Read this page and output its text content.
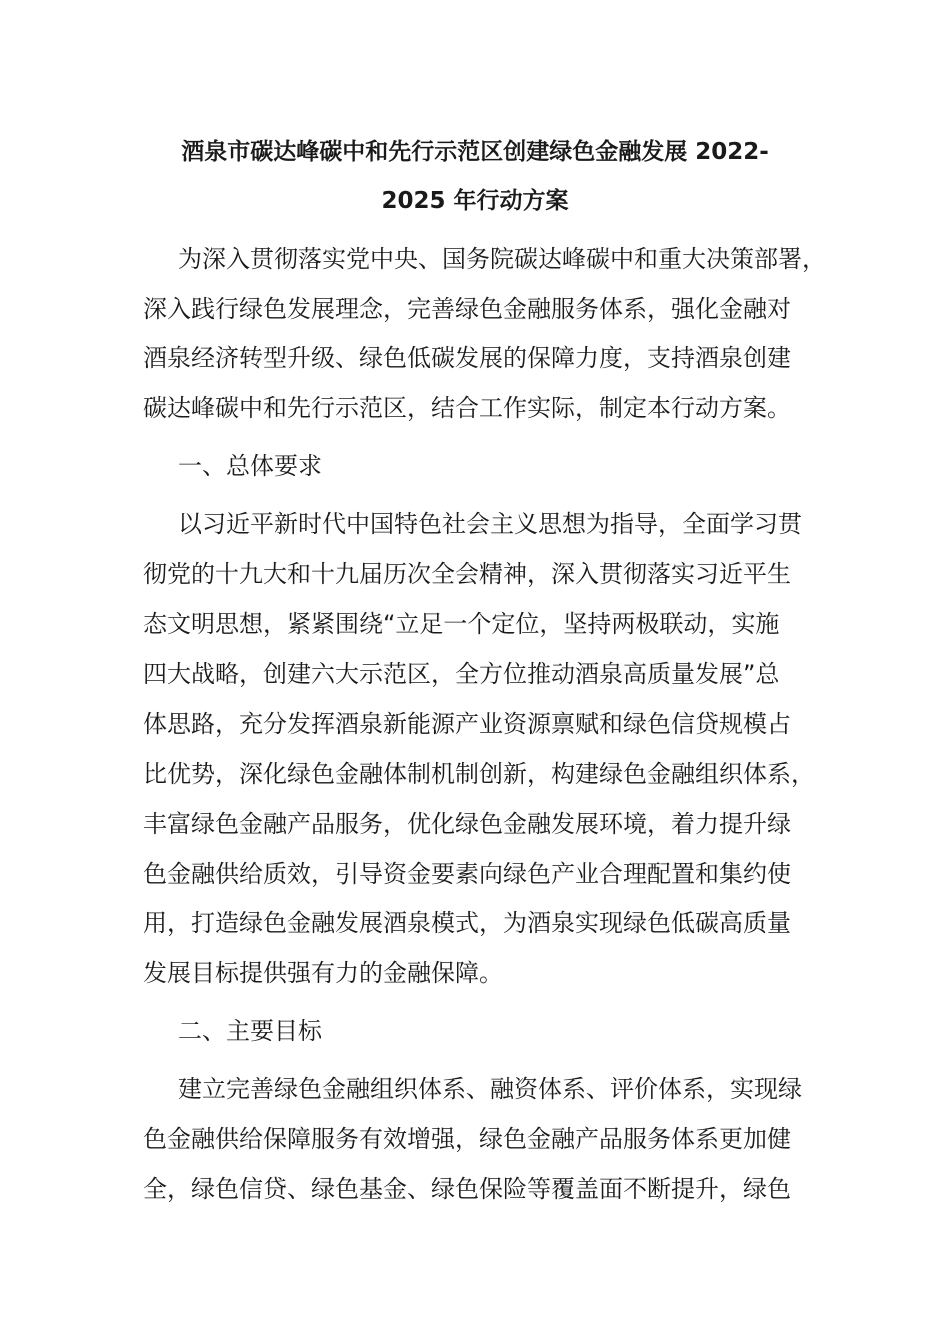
酒泉市碳达峰碳中和先行示范区创建绿色金融发展 2022-
2025 年行动方案
为深入贯彻落实党中央、国务院碳达峰碳中和重大决策部署，
深入践行绿色发展理念，完善绿色金融服务体系，强化金融对
酒泉经济转型升级、绿色低碳发展的保障力度，支持酒泉创建
碳达峰碳中和先行示范区，结合工作实际，制定本行动方案。
一、总体要求
以习近平新时代中国特色社会主义思想为指导，全面学习贯
彻党的十九大和十九届历次全会精神，深入贯彻落实习近平生
态文明思想，紧紧围绕“立足一个定位，坚持两极联动，实施
四大战略，创建六大示范区，全方位推动酒泉高质量发展”总
体思路，充分发挥酒泉新能源产业资源禀赋和绿色信贷规模占
比优势，深化绿色金融体制机制创新，构建绿色金融组织体系，
丰富绿色金融产品服务，优化绿色金融发展环境，着力提升绿
色金融供给质效，引导资金要素向绿色产业合理配置和集约使
用，打造绿色金融发展酒泉模式，为酒泉实现绿色低碳高质量
发展目标提供强有力的金融保障。
二、主要目标
建立完善绿色金融组织体系、融资体系、评价体系，实现绿
色金融供给保障服务有效增强，绿色金融产品服务体系更加健
全，绿色信贷、绿色基金、绿色保险等覆盖面不断提升，绿色
